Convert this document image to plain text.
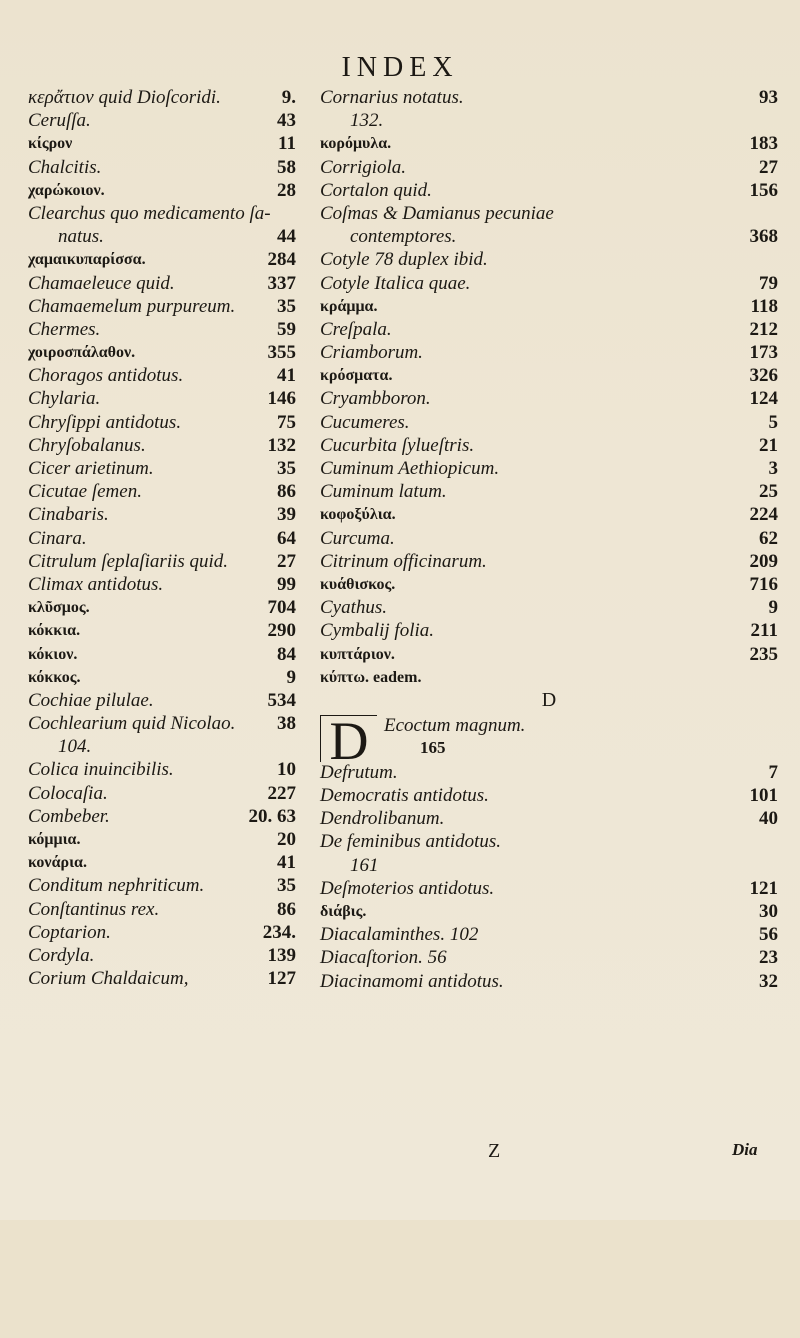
INDEX
κερἄτιον quid Dioſcoridi.	9.
Ceruſſa.	43
κίςρον	11
Chalcitis.	58
χαρώκοιον.	28
Clearchus quo medicamento ſa-
natus.	44
χαμαικυπαρίσσα.	284
Chamaeleuce quid.	337
Chamaemelum purpureum. 35
Chermes.	59
χοιροσπάλαθον.	355
Choragos antidotus.	41
Chylaria.	146
Chryſippi antidotus.	75
Chryſobalanus.	132
Cicer arietinum.	35
Cicutae ſemen.	86
Cinabaris.	39
Cinara.	64
Citrulum ſeplaſiariis quid.	27
Climax antidotus.	99
κλῦσμος.	704
κόκκια.	290
κόκιον.	84
κόκκος.	9
Cochiae pilulae.	534
Cochlearium quid Nicolao. 38
104.
Colica inuincibilis.	10
Colocaſia.	227
Combeber.	20. 63
κόμμια.	20
κονάρια.	41
Conditum nephriticum.	35
Conſtantinus rex.	86
Coptarion.	234.
Cordyla.	139
Corium Chaldaicum,	127
Cornarius notatus.	93
132.
κορόμυλα.	183
Corrigiola.	27
Cortalon quid.	156
Coſmas & Damianus pecuniae
contemptores.	368
Cotyle 78 duplex ibid.
Cotyle Italica quae.	79
κράμμα.	118
Creſpala.	212
Criamborum.	173
κρόσματα.	326
Cryambboron.	124
Cucumeres.	5
Cucurbita ſylueſtris.	21
Cuminum Aethiopicum.	3
Cuminum latum.	25
κοφοξύλια.	224
Curcuma.	62
Citrinum officinarum.	209
κυάθισκος.	716
Cyathus.	9
Cymbalij folia.	211
κυπτάριον.	235
κύπτω. eadem.
D
D Ecoctum magnum.
165
Defrutum.	7
Democratis antidotus.	101
Dendrolibanum.	40
De feminibus antidotus.
161
Deſmoterios antidotus.	121
διάβις.	30
Diacalaminthes. 102	56
Diacaſtorion. 56	23
Diacinamomi antidotus.	32
Z	Dia
